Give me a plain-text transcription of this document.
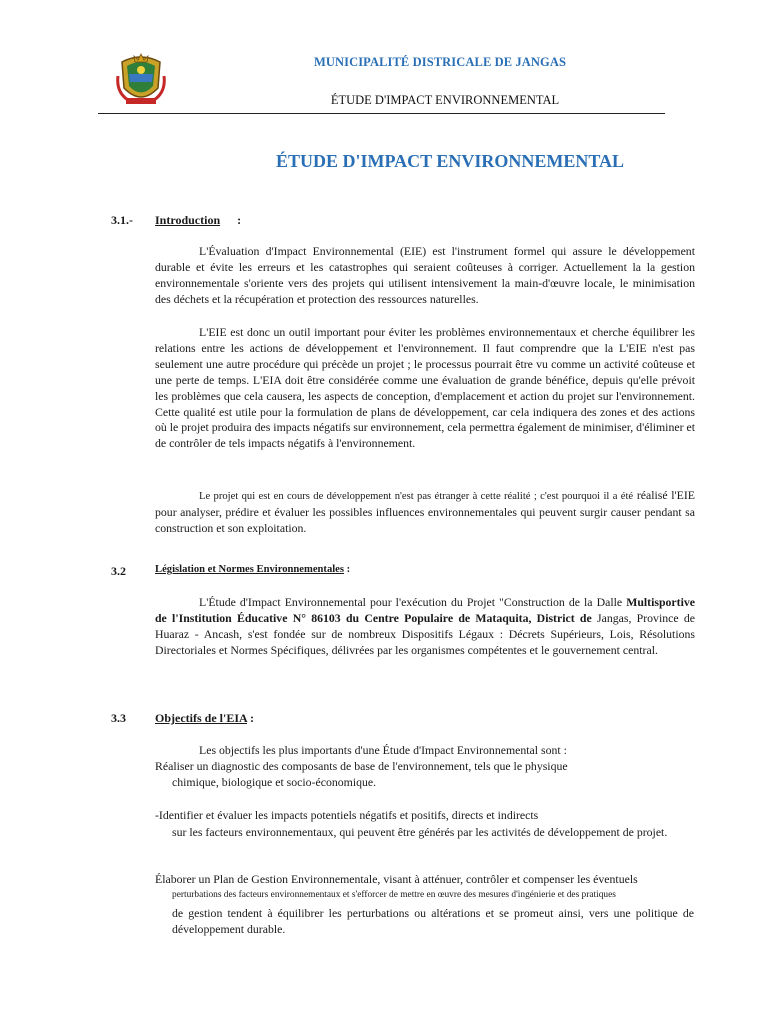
MUNICIPALITÉ DISTRICALE DE JANGAS
ÉTUDE D'IMPACT ENVIRONNEMENTAL
ÉTUDE D'IMPACT ENVIRONNEMENTAL
3.1.- Introduction :
L'Évaluation d'Impact Environnemental (EIE) est l'instrument formel qui assure le développement durable et évite les erreurs et les catastrophes qui seraient coûteuses à corriger. Actuellement la la gestion environnementale s'oriente vers des projets qui utilisent intensivement la main-d'œuvre locale, le minimisation des déchets et la récupération et protection des ressources naturelles.
L'EIE est donc un outil important pour éviter les problèmes environnementaux et cherche équilibrer les relations entre les actions de développement et l'environnement. Il faut comprendre que la L'EIE n'est pas seulement une autre procédure qui précède un projet ; le processus pourrait être vu comme un activité coûteuse et une perte de temps. L'EIA doit être considérée comme une évaluation de grande bénéfice, depuis qu'elle prévoit les problèmes que cela causera, les aspects de conception, d'emplacement et action du projet sur l'environnement. Cette qualité est utile pour la formulation de plans de développement, car cela indiquera des zones et des actions où le projet produira des impacts négatifs sur environnement, cela permettra également de minimiser, d'éliminer et de contrôler de tels impacts négatifs à l'environnement.
Le projet qui est en cours de développement n'est pas étranger à cette réalité ; c'est pourquoi il a été réalisé l'EIE pour analyser, prédire et évaluer les possibles influences environnementales qui peuvent surgir causer pendant sa construction et son exploitation.
3.2	Législation et Normes Environnementales :
L'Étude d'Impact Environnemental pour l'exécution du Projet "Construction de la Dalle Multisportive de l'Institution Éducative N° 86103 du Centre Populaire de Mataquita, District de Jangas, Province de Huaraz - Ancash, s'est fondée sur de nombreux Dispositifs Légaux : Décrets Supérieurs, Lois, Résolutions Directoriales et Normes Spécifiques, délivrées par les organismes compétentes et le gouvernement central.
3.3 Objectifs de l'EIA :
Les objectifs les plus importants d'une Étude d'Impact Environnemental sont :
Réaliser un diagnostic des composants de base de l'environnement, tels que le physique
chimique, biologique et socio-économique.
-Identifier et évaluer les impacts potentiels négatifs et positifs, directs et indirects
sur les facteurs environnementaux, qui peuvent être générés par les activités de développement de projet.
Élaborer un Plan de Gestion Environnementale, visant à atténuer, contrôler et compenser les éventuels
perturbations des facteurs environnementaux et s'efforcer de mettre en œuvre des mesures d'ingénierie et des pratiques
de gestion tendent à équilibrer les perturbations ou altérations et se promeut ainsi, vers une politique de développement durable.
